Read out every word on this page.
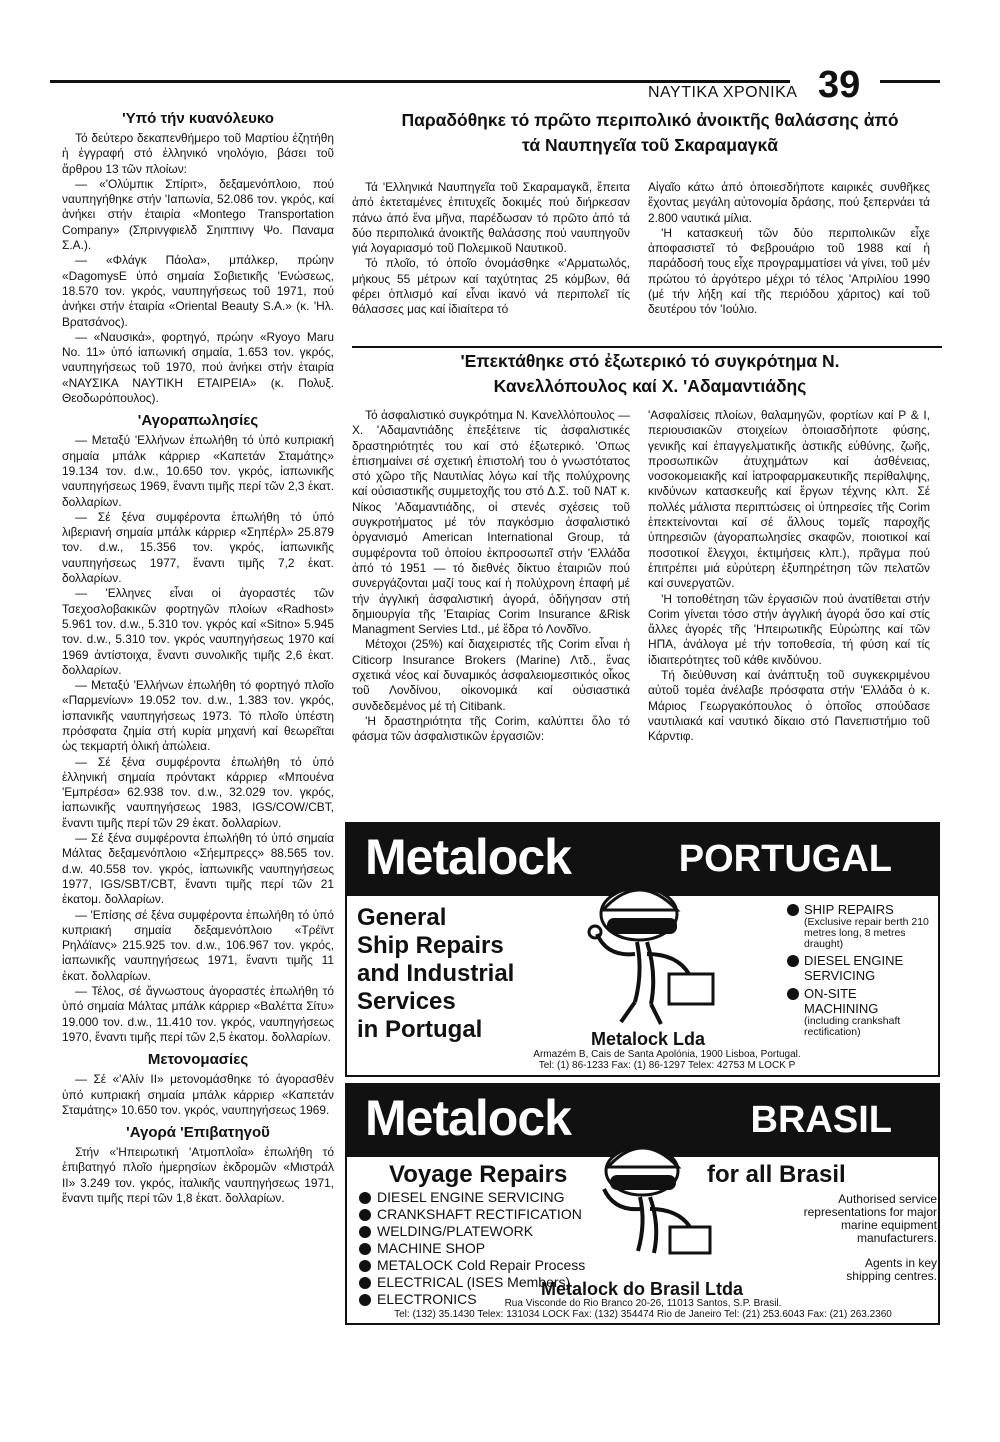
ΝΑΥΤΙΚΑ ΧΡΟΝΙΚΑ 39
'Υπό τήν κυανόλευκο

Τό δεύτερο δεκαπενθήμερο τοῦ Μαρτίου ἐζητήθη ἡ ἐγγραφή στό ἑλληνικό νηολόγιο, βάσει τοῦ ἄρθρου 13 τῶν πλοίων:

— «'Ολύμπικ Σπίριτ», δεξαμενόπλοιο, πού ναυπηγήθηκε στήν 'Ιαπωνία, 52.086 τον. γκρός, καί ἀνήκει στήν ἑταιρία «Montego Transportation Company» (Σπρινγφιελδ Σηιππινγ Ψο. Παναμα Σ.Α.).

— «Φλάγκ Πάολα», μπάλκερ, πρώην «DagomysE ὑπό σημαία Σοβιετικῆς 'Ενώσεως, 18.570 τον. γκρός, ναυπηγήσεως τοῦ 1971, πού ἀνήκει στήν ἑταιρία «Oriental Beauty S.A.» (κ. 'Ηλ. Βρατσάνος).

— «Ναυσικά», φορτηγό, πρώην «Ryoyo Maru No. 11» ὑπό ἰαπωνική σημαία, 1.653 τον. γκρός, ναυπηγήσεως τοῦ 1970, πού ἀνήκει στήν ἑταιρία «ΝΑΥΣΙΚΑ ΝΑΥΤΙΚΗ ΕΤΑΙΡΕΙΑ» (κ. Πολυξ. Θεοδωρόπουλος).

'Αγοραπωλησίες

— Μεταξύ 'Ελλήνων ἐπωλήθη τό ὑπό κυπριακή σημαία μπάλκ κάρριερ «Καπετάν Σταμάτης» 19.134 τον. d.w., 10.650 τον. γκρός, ἰαπωνικῆς ναυπηγήσεως 1969, ἔναντι τιμῆς περί τῶν 2,3 ἑκατ. δολλαρίων.

— Σέ ξένα συμφέροντα ἐπωλήθη τό ὑπό λιβεριανή σημαία μπάλκ κάρριερ «Σηπέρλ» 25.879 τον. d.w., 15.356 τον. γκρός, ἰαπωνικῆς ναυπηγήσεως 1977, ἔναντι τιμῆς 7,2 ἑκατ. δολλαρίων.

— 'Ελληνες εἶναι οἱ ἀγοραστές τῶν Τσεχοσλοβακικῶν φορτηγῶν πλοίων «Radhost» 5.961 τον. d.w., 5.310 τον. γκρός καί «Sitno» 5.945 τον. d.w., 5.310 τον. γκρός ναυπηγήσεως 1970 καί 1969 ἀντίστοιχα, ἔναντι συνολικῆς τιμῆς 2,6 ἑκατ. δολλαρίων.

— Μεταξύ 'Ελλήνων ἐπωλήθη τό φορτηγό πλοῖο «Παρμενίων» 19.052 τον. d.w., 1.383 τον. γκρός, ἰσπανικῆς ναυπηγήσεως 1973. Τό πλοῖο ὑπέστη πρόσφατα ζημία στή κυρία μηχανή καί θεωρεῖται ὡς τεκμαρτή ὁλική ἀπώλεια.

— Σέ ξένα συμφέροντα ἐπωλήθη τό ὑπό ἑλληνική σημαία πρόντακτ κάρριερ «Μπουένα 'Εμπρέσα» 62.938 τον. d.w., 32.029 τον. γκρός, ἰαπωνικῆς ναυπηγήσεως 1983, IGS/COW/CBT, ἔναντι τιμῆς περί τῶν 29 ἑκατ. δολλαρίων.

— Σέ ξένα συμφέροντα ἐπωλήθη τό ὑπό σημαία Μάλτας δεξαμενόπλοιο «Σήεμπρεςς» 88.565 τον. d.w. 40.558 τον. γκρός, ἰαπωνικῆς ναυπηγήσεως 1977, IGS/SBT/CBT, ἔναντι τιμῆς περί τῶν 21 ἑκατομ. δολλαρίων.

— 'Επίσης σέ ξένα συμφέροντα ἐπωλήθη τό ὑπό κυπριακή σημαία δεξαμενόπλοιο «Τρέϊντ Ρηλάϊανς» 215.925 τον. d.w., 106.967 τον. γκρός, ἰαπωνικῆς ναυπηγήσεως 1971, ἔναντι τιμῆς 11 ἑκατ. δολλαρίων.

— Τέλος, σέ ἄγνωστους ἀγοραστές ἐπωλήθη τό ὑπό σημαία Μάλτας μπάλκ κάρριερ «Βαλέττα Σίτυ» 19.000 τον. d.w., 11.410 τον. γκρός, ναυπηγήσεως 1970, ἔναντι τιμῆς περί τῶν 2,5 ἑκατομ. δολλαρίων.

Μετονομασίες

— Σέ «'Αλίν II» μετονομάσθηκε τό ἀγορασθέν ὑπό κυπριακή σημαία μπάλκ κάρριερ «Καπετάν Σταμάτης» 10.650 τον. γκρός, ναυπηγήσεως 1969.

'Αγορά 'Επιβατηγοῦ

Στήν «'Ηπειρωτική 'Ατμοπλοΐα» ἐπωλήθη τό ἐπιβατηγό πλοῖο ἡμερησίων ἐκδρομῶν «Μιστράλ II» 3.249 τον. γκρός, ἰταλικῆς ναυπηγήσεως 1971, ἔναντι τιμῆς περί τῶν 1,8 ἑκατ. δολλαρίων.

Παραδόθηκε τό πρῶτο περιπολικό ἀνοικτῆς θαλάσσης ἀπό τά Ναυπηγεῖα τοῦ Σκαραμαγκᾶ

Τά 'Ελληνικά Ναυπηγεῖα τοῦ Σκαραμαγκᾶ, ἔπειτα ἀπό ἐκτεταμένες ἐπιτυχεῖς δοκιμές πού διήρκεσαν πάνω ἀπό ἕνα μῆνα, παρέδωσαν τό πρῶτο ἀπό τά δύο περιπολικά ἀνοικτῆς θαλάσσης πού ναυπηγοῦν γιά λογαριασμό τοῦ Πολεμικοῦ Ναυτικοῦ.

Τό πλοῖο, τό ὁποῖο ὀνομάσθηκε «'Αρματωλός, μήκους 55 μέτρων καί ταχύτητας 25 κόμβων, θά φέρει ὁπλισμό καί εἶναι ἱκανό νά περιπολεῖ τίς θάλασσες μας καί ἰδιαίτερα τό

Αἰγαῖο κάτω ἀπό ὁποιεσδήποτε καιρικές συνθῆκες ἔχοντας μεγάλη αὐτονομία δράσης, πού ξεπερνάει τά 2.800 ναυτικά μίλια.

'Η κατασκευή τῶν δύο περιπολικῶν εἶχε ἀποφασιστεῖ τό Φεβρουάριο τοῦ 1988 καί ἡ παράδοσή τους εἶχε προγραμματίσει νά γίνει, τοῦ μέν πρώτου τό ἀργότερο μέχρι τό τέλος 'Απριλίου 1990 (μέ τήν λήξη καί τῆς περιόδου χάριτος) καί τοῦ δευτέρου τόν 'Ιούλιο.

'Επεκτάθηκε στό ἐξωτερικό τό συγκρότημα Ν. Κανελλόπουλος καί Χ. 'Αδαμαντιάδης

Τό ἀσφαλιστικό συγκρότημα Ν. Κανελλόπουλος — Χ. 'Αδαμαντιάδης ἐπεξέτεινε τίς ἀσφαλιστικές δραστηριότητές του καί στό ἐξωτερικό. 'Οπως ἐπισημαίνει σέ σχετική ἐπιστολή του ὁ γνωστότατος στό χῶρο τῆς Ναυτιλίας λόγω καί τῆς πολύχρονης καί οὐσιαστικῆς συμμετοχῆς του στό Δ.Σ. τοῦ ΝΑΤ κ. Νίκος 'Αδαμαντιάδης, οἱ στενές σχέσεις τοῦ συγκροτήματος μέ τόν παγκόσμιο ἀσφαλιστικό ὀργανισμό American International Group, τά συμφέροντα τοῦ ὁποίου ἐκπροσωπεῖ στήν 'Ελλάδα ἀπό τό 1951 — τό διεθνές δίκτυο ἑταιριῶν πού συνεργάζονται μαζί τους καί ἡ πολύχρονη ἐπαφή μέ τήν ἀγγλική ἀσφαλιστική ἀγορά, ὁδήγησαν στή δημιουργία τῆς 'Εταιρίας Corim Insurance &Risk Managment Servies Ltd., μέ ἕδρα τό Λονδῖνο.

Μέτοχοι (25%) καί διαχειριστές τῆς Corim εἶναι ἡ Citicorp Insurance Brokers (Marine) Λτδ., ἕνας σχετικά νέος καί δυναμικός ἀσφαλειομεσιτικός οἶκος τοῦ Λονδίνου, οἰκονομικά καί οὐσιαστικά συνδεδεμένος μέ τή Citibank.

'Η δραστηριότητα τῆς Corim, καλύπτει ὅλο τό φάσμα τῶν ἀσφαλιστικῶν ἐργασιῶν:

'Ασφαλίσεις πλοίων, θαλαμηγῶν, φορτίων καί P & I, περιουσιακῶν στοιχείων ὁποιασδήποτε φύσης, γενικῆς καί ἐπαγγελματικῆς ἀστικῆς εὐθύνης, ζωῆς, προσωπικῶν ἀτυχημάτων καί ἀσθένειας, νοσοκομειακῆς καί ἰατροφαρμακευτικῆς περίθαλψης, κινδύνων κατασκευῆς καί ἔργων τέχνης κλπ. Σέ πολλές μάλιστα περιπτώσεις οἱ ὑπηρεσίες τῆς Corim ἐπεκτείνονται καί σέ ἄλλους τομεῖς παροχῆς ὑπηρεσιῶν (ἀγοραπωλησίες σκαφῶν, ποιοτικοί καί ποσοτικοί ἔλεγχοι, ἐκτιμήσεις κλπ.), πρᾶγμα πού ἐπιτρέπει μιά εὐρύτερη ἐξυπηρέτηση τῶν πελατῶν καί συνεργατῶν.

'Η τοποθέτηση τῶν ἐργασιῶν πού ἀνατίθεται στήν Corim γίνεται τόσο στήν ἀγγλική ἀγορά ὅσο καί στίς ἄλλες ἀγορές τῆς 'Ηπειρωτικῆς Εὐρώπης καί τῶν ΗΠΑ, ἀνάλογα μέ τήν τοποθεσία, τή φύση καί τίς ἰδιαιτερότητες τοῦ κάθε κινδύνου.

Τή διεύθυνση καί ἀνάπτυξη τοῦ συγκεκριμένου αὐτοῦ τομέα ἀνέλαβε πρόσφατα στήν 'Ελλάδα ὁ κ. Μάριος Γεωργακόπουλος ὁ ὁποῖος σπούδασε ναυτιλιακά καί ναυτικό δίκαιο στό Πανεπιστήμιο τοῦ Κάρντιφ.

Metalock	PORTUGAL
General
Ship Repairs
and Industrial
Services
in Portugal
SHIP REPAIRS
(Exclusive repair berth 210 metres long, 8 metres draught)
DIESEL ENGINE SERVICING
ON-SITE MACHINING
(including crankshaft rectification)
Metalock Lda
Armazém B, Cais de Santa Apolónia, 1900 Lisboa, Portugal.
Tel: (1) 86-1233 Fax: (1) 86-1297 Telex: 42753 M LOCK P
Metalock	BRASIL
Voyage Repairs	for all Brasil
DIESEL ENGINE SERVICING
CRANKSHAFT RECTIFICATION
WELDING/PLATEWORK
MACHINE SHOP
METALOCK Cold Repair Process
ELECTRICAL (ISES Members)
ELECTRONICS
Authorised service representations for major marine equipment manufacturers.
Agents in key shipping centres.
Metalock do Brasil Ltda
Rua Visconde do Rio Branco 20-26, 11013 Santos, S.P. Brasil.
Tel: (132) 35.1430 Telex: 131034 LOCK Fax: (132) 354474 Rio de Janeiro Tel: (21) 253.6043 Fax: (21) 263.2360
